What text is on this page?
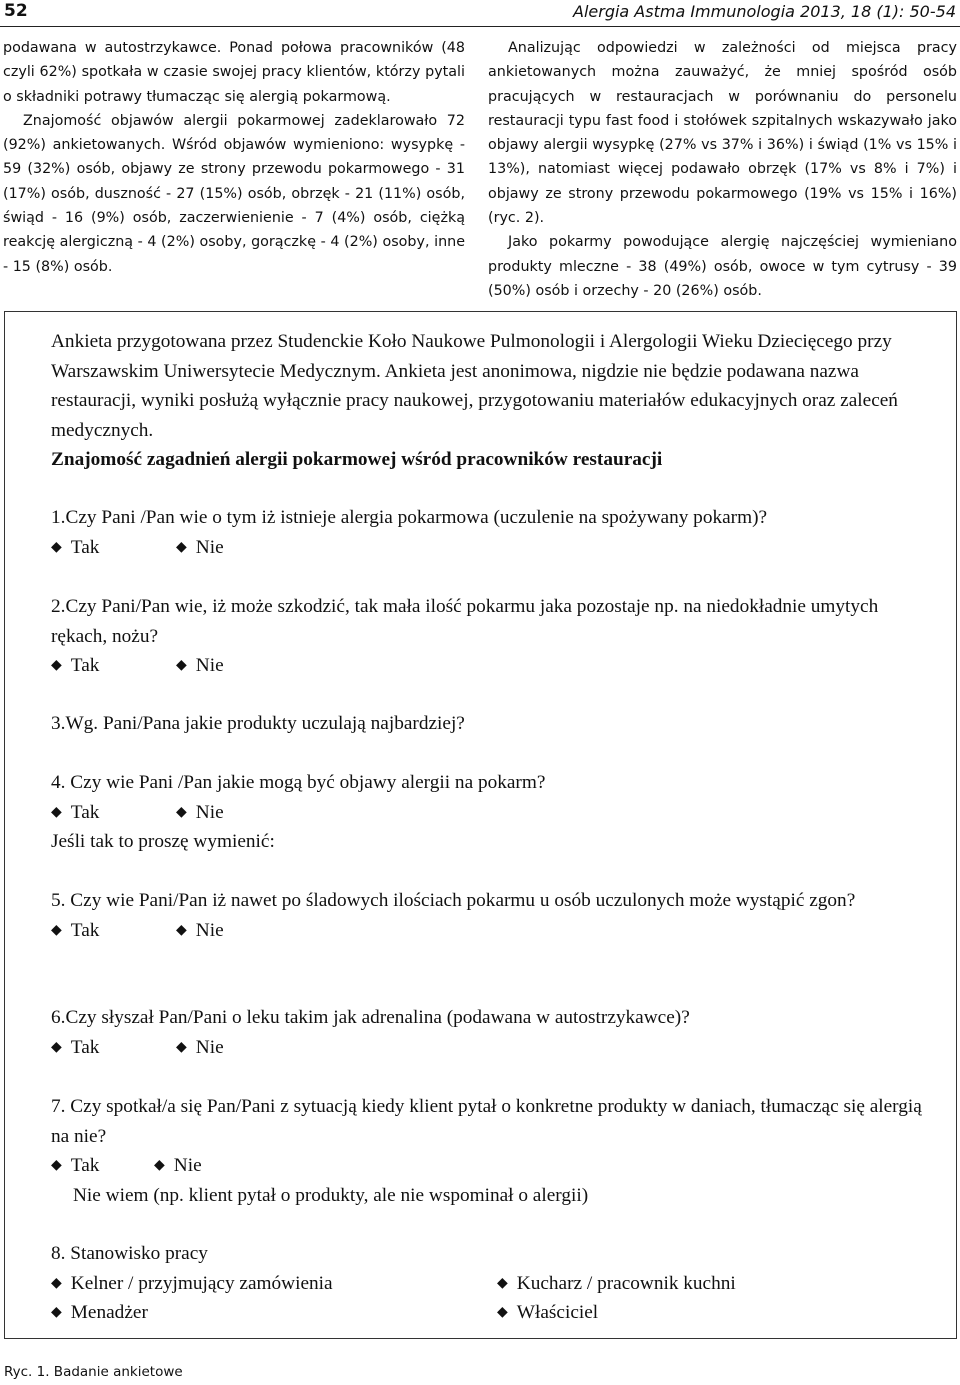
52	Alergia Astma Immunologia 2013, 18 (1): 50-54

podawana w autostrzykawce. Ponad połowa pracowników (48 czyli 62%) spotkała w czasie swojej pracy klientów, którzy pytali o składniki potrawy tłumacząc się alergią pokarmową.

Znajomość objawów alergii pokarmowej zadeklarowało 72 (92%) ankietowanych. Wśród objawów wymieniono: wysypkę - 59 (32%) osób, objawy ze strony przewodu pokarmowego - 31 (17%) osób, duszność - 27 (15%) osób, obrzęk - 21 (11%) osób, świąd - 16 (9%) osób, zaczerwienienie - 7 (4%) osób, ciężką reakcję alergiczną - 4 (2%) osoby, gorączkę - 4 (2%) osoby, inne - 15 (8%) osób.

Analizując odpowiedzi w zależności od miejsca pracy ankietowanych można zauważyć, że mniej spośród osób pracujących w restauracjach w porównaniu do personelu restauracji typu fast food i stołówek szpitalnych wskazywało jako objawy alergii wysypkę (27% vs 37% i 36%) i świąd (1% vs 15% i 13%), natomiast więcej podawało obrzęk (17% vs 8% i 7%) i objawy ze strony przewodu pokarmowego (19% vs 15% i 16%) (ryc. 2).

Jako pokarmy powodujące alergię najczęściej wymieniano produkty mleczne - 38 (49%) osób, owoce w tym cytrusy - 39 (50%) osób i orzechy - 20 (26%) osób.

Ankieta przygotowana przez Studenckie Koło Naukowe Pulmonologii i Alergologii Wieku Dziecięcego przy Warszawskim Uniwersytecie Medycznym. Ankieta jest anonimowa, nigdzie nie będzie podawana nazwa restauracji, wyniki posłużą wyłącznie pracy naukowej, przygotowaniu materiałów edukacyjnych oraz zaleceń medycznych.
Znajomość zagadnień alergii pokarmowej wśród pracowników restauracji
1.Czy Pani /Pan wie o tym iż istnieje alergia pokarmowa (uczulenie na spożywany pokarm)?
◆ Tak	◆ Nie
2.Czy Pani/Pan wie, iż może szkodzić, tak mała ilość pokarmu jaka pozostaje np. na niedokładnie umytych rękach, nożu?
◆ Tak	◆ Nie
3.Wg. Pani/Pana jakie produkty uczulają najbardziej?
4. Czy wie Pani /Pan jakie mogą być objawy alergii na pokarm?
◆ Tak	◆ Nie
Jeśli tak to proszę wymienić:
5. Czy wie Pani/Pan iż nawet po śladowych ilościach pokarmu u osób uczulonych może wystąpić zgon?
◆ Tak	◆ Nie
6.Czy słyszał Pan/Pani o leku takim jak adrenalina (podawana w autostrzykawce)?
◆ Tak	◆ Nie
7. Czy spotkał/a się Pan/Pani z sytuacją kiedy klient pytał o konkretne produkty w daniach, tłumacząc się alergią na nie?
◆ Tak	◆ Nie
Nie wiem (np. klient pytał o produkty, ale nie wspominał o alergii)
8. Stanowisko pracy
◆ Kelner / przyjmujący zamówienia	◆ Kucharz / pracownik kuchni
◆ Menadżer	◆ Właściciel
Ryc. 1. Badanie ankietowe
